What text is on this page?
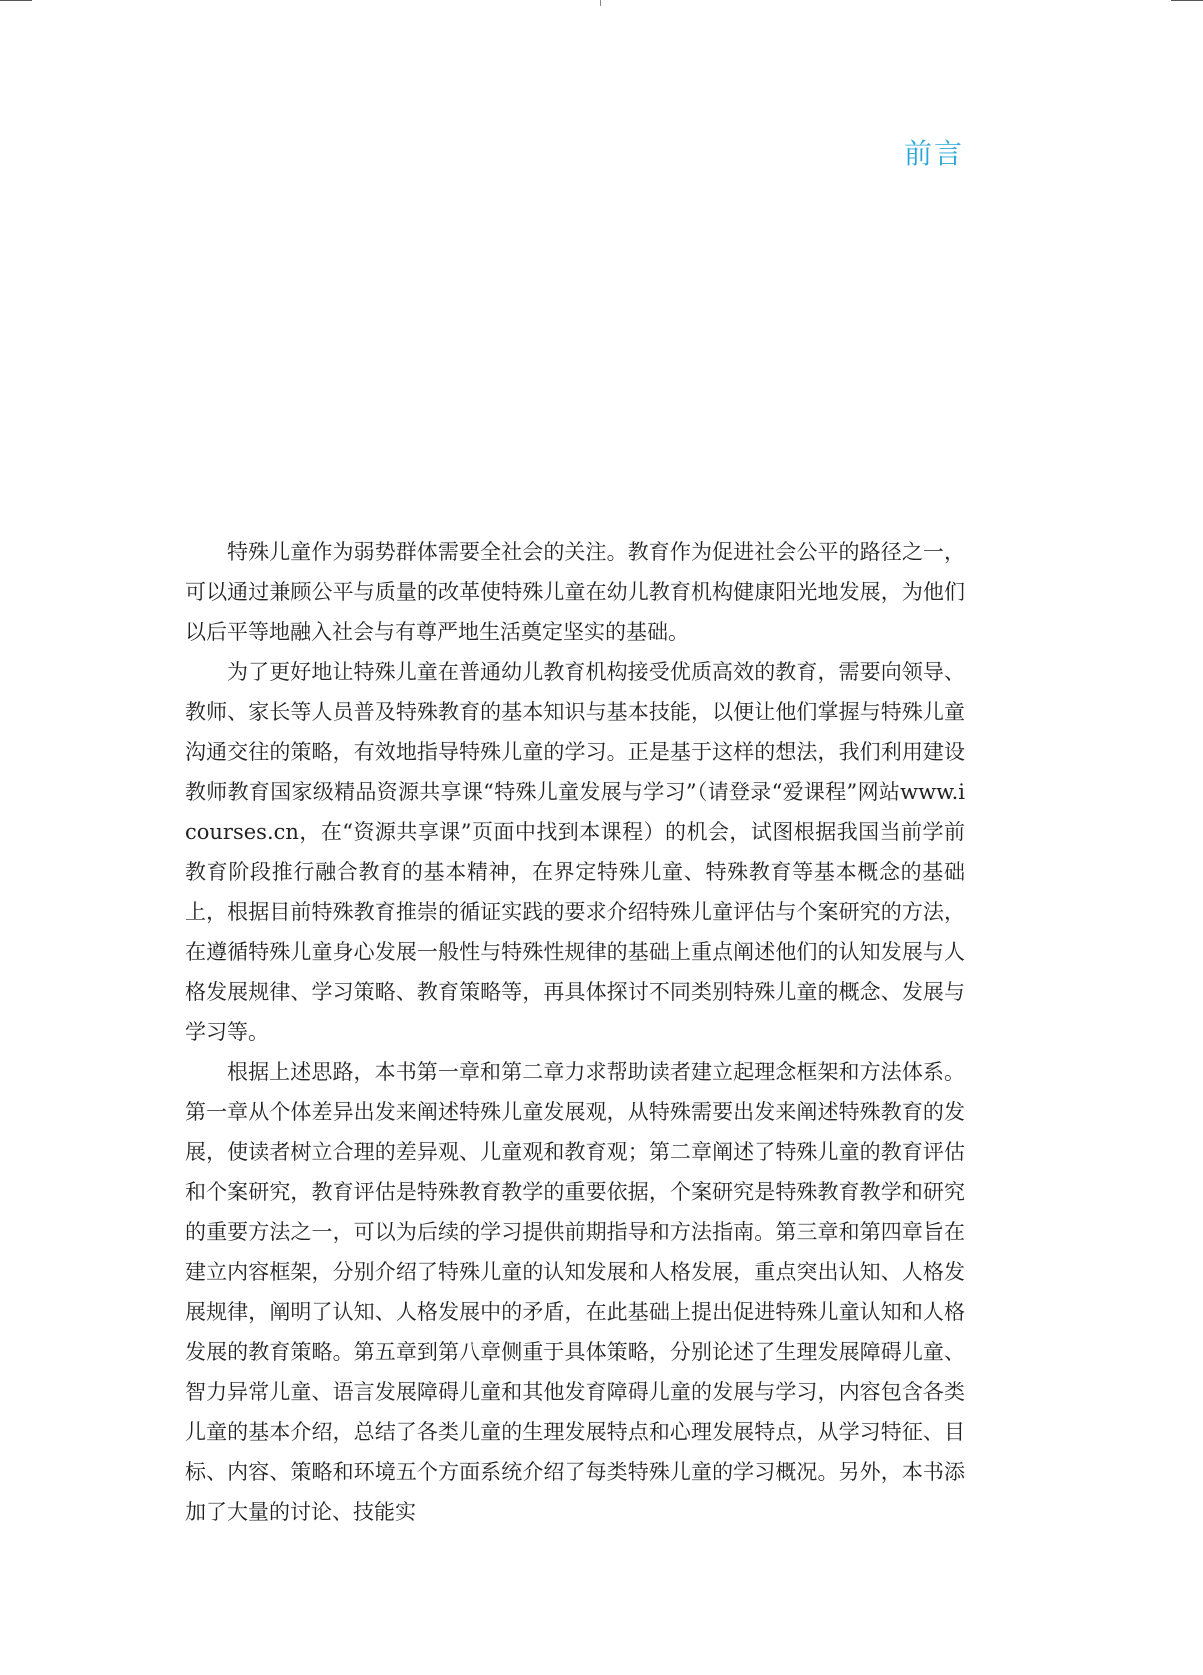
前言

特殊儿童作为弱势群体需要全社会的关注。教育作为促进社会公平的路径之一，可以通过兼顾公平与质量的改革使特殊儿童在幼儿教育机构健康阳光地发展，为他们以后平等地融入社会与有尊严地生活奠定坚实的基础。

为了更好地让特殊儿童在普通幼儿教育机构接受优质高效的教育，需要向领导、教师、家长等人员普及特殊教育的基本知识与基本技能，以便让他们掌握与特殊儿童沟通交往的策略，有效地指导特殊儿童的学习。正是基于这样的想法，我们利用建设教师教育国家级精品资源共享课“特殊儿童发展与学习”（请登录“爱课程”网站www.icourses.cn，在“资源共享课”页面中找到本课程）的机会，试图根据我国当前学前教育阶段推行融合教育的基本精神，在界定特殊儿童、特殊教育等基本概念的基础上，根据目前特殊教育推崇的循证实践的要求介绍特殊儿童评估与个案研究的方法，在遵循特殊儿童身心发展一般性与特殊性规律的基础上重点阐述他们的认知发展与人格发展规律、学习策略、教育策略等，再具体探讨不同类别特殊儿童的概念、发展与学习等。

根据上述思路，本书第一章和第二章力求帮助读者建立起理念框架和方法体系。第一章从个体差异出发来阐述特殊儿童发展观，从特殊需要出发来阐述特殊教育的发展，使读者树立合理的差异观、儿童观和教育观；第二章阐述了特殊儿童的教育评估和个案研究，教育评估是特殊教育教学的重要依据，个案研究是特殊教育教学和研究的重要方法之一，可以为后续的学习提供前期指导和方法指南。第三章和第四章旨在建立内容框架，分别介绍了特殊儿童的认知发展和人格发展，重点突出认知、人格发展规律，阐明了认知、人格发展中的矛盾，在此基础上提出促进特殊儿童认知和人格发展的教育策略。第五章到第八章侧重于具体策略，分别论述了生理发展障碍儿童、智力异常儿童、语言发展障碍儿童和其他发育障碍儿童的发展与学习，内容包含各类儿童的基本介绍，总结了各类儿童的生理发展特点和心理发展特点，从学习特征、目标、内容、策略和环境五个方面系统介绍了每类特殊儿童的学习概况。另外，本书添加了大量的讨论、技能实
